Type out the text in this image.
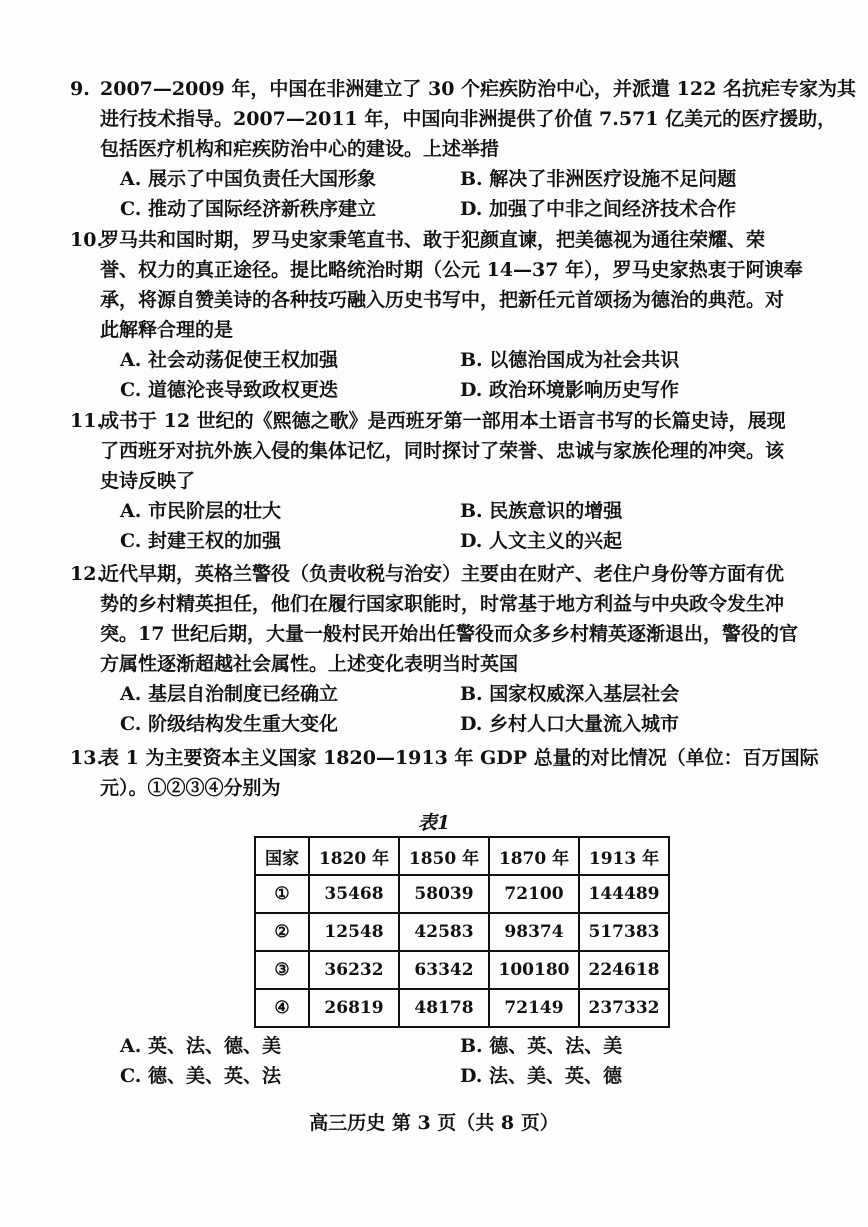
9. 2007—2009 年，中国在非洲建立了 30 个疟疾防治中心，并派遣 122 名抗疟专家为其
进行技术指导。2007—2011 年，中国向非洲提供了价值 7.571 亿美元的医疗援助，
包括医疗机构和疟疾防治中心的建设。上述举措
A. 展示了中国负责任大国形象	B. 解决了非洲医疗设施不足问题
C. 推动了国际经济新秩序建立	D. 加强了中非之间经济技术合作
10.
罗马共和国时期，罗马史家秉笔直书、敢于犯颜直谏，把美德视为通往荣耀、荣
誉、权力的真正途径。提比略统治时期（公元 14—37 年），罗马史家热衷于阿谀奉
承，将源自赞美诗的各种技巧融入历史书写中，把新任元首颂扬为德治的典范。对
此解释合理的是
A. 社会动荡促使王权加强	B. 以德治国成为社会共识
C. 道德沦丧导致政权更迭	D. 政治环境影响历史写作
11.
成书于 12 世纪的《熙德之歌》是西班牙第一部用本土语言书写的长篇史诗，展现
了西班牙对抗外族入侵的集体记忆，同时探讨了荣誉、忠诚与家族伦理的冲突。该
史诗反映了
A. 市民阶层的壮大	B. 民族意识的增强
C. 封建王权的加强	D. 人文主义的兴起
12.
近代早期，英格兰警役（负责收税与治安）主要由在财产、老住户身份等方面有优
势的乡村精英担任，他们在履行国家职能时，时常基于地方利益与中央政令发生冲
突。17 世纪后期，大量一般村民开始出任警役而众多乡村精英逐渐退出，警役的官
方属性逐渐超越社会属性。上述变化表明当时英国
A. 基层自治制度已经确立	B. 国家权威深入基层社会
C. 阶级结构发生重大变化	D. 乡村人口大量流入城市
13.
表 1 为主要资本主义国家 1820—1913 年 GDP 总量的对比情况（单位：百万国际
元）。①②③④分别为
表1
国家	1820 年	1850 年	1870 年	1913 年
①	35468	58039	72100	144489
②	12548	42583	98374	517383
③	36232	63342	100180	224618
④	26819	48178	72149	237332
A. 英、法、德、美	B. 德、英、法、美
C. 德、美、英、法	D. 法、美、英、德
高三历史 第 3 页（共 8 页）
